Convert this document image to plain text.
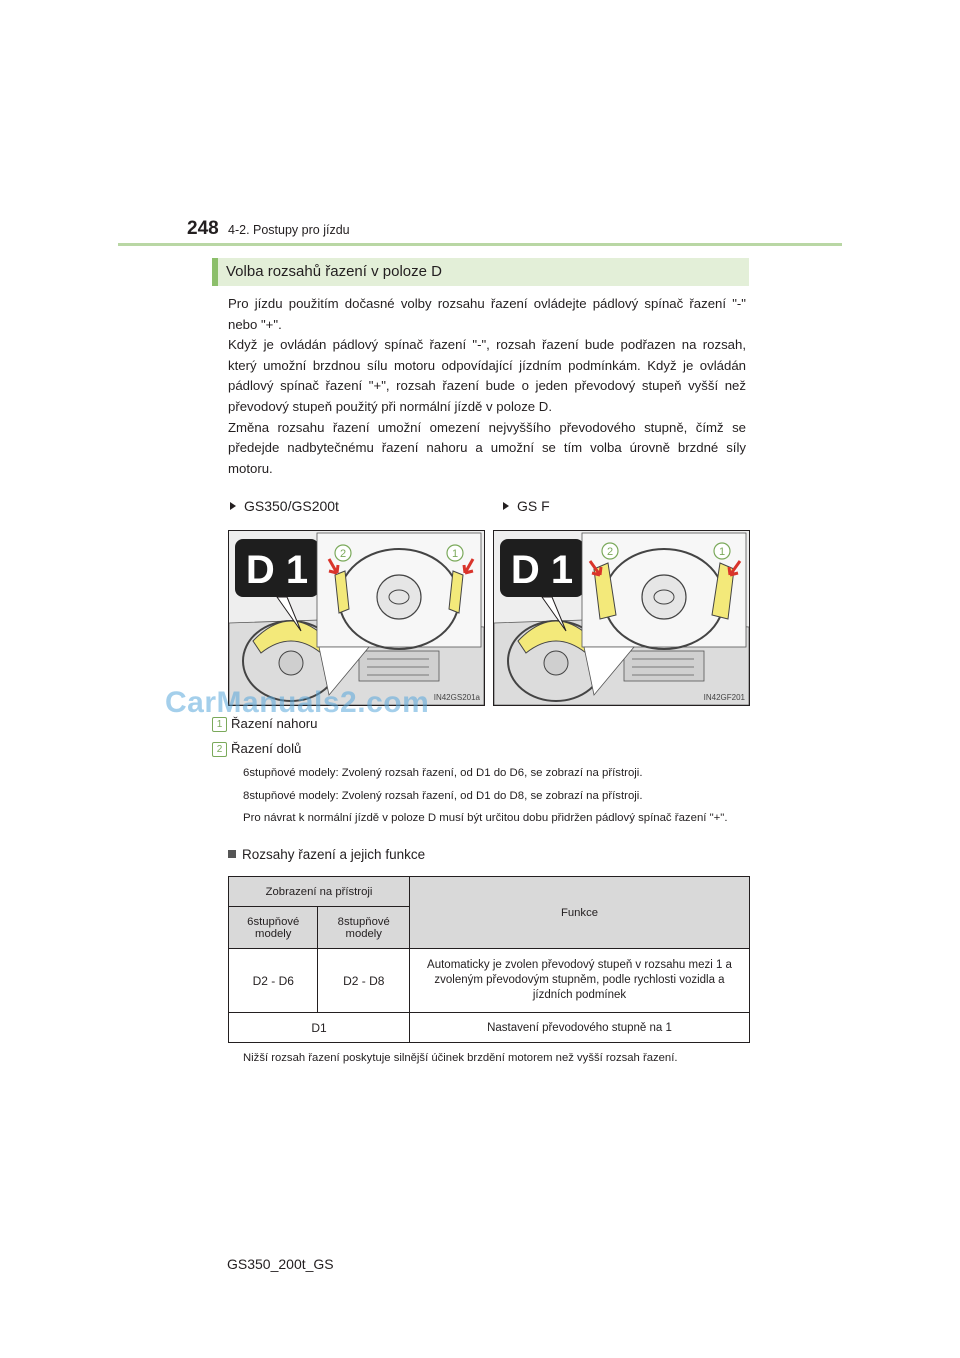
248 4-2. Postupy pro jízdu
Volba rozsahů řazení v poloze D

Pro jízdu použitím dočasné volby rozsahu řazení ovládejte pádlový spínač řazení "-" nebo "+".

Když je ovládán pádlový spínač řazení "-", rozsah řazení bude podřazen na rozsah, který umožní brzdnou sílu motoru odpovídající jízdním podmínkám. Když je ovládán pádlový spínač řazení "+", rozsah řazení bude o jeden převodový stupeň vyšší než převodový stupeň použitý při normální jízdě v poloze D.

Změna rozsahu řazení umožní omezení nejvyššího převodového stupně, čímž se předejde nadbytečnému řazení nahoru a umožní se tím volba úrovně brzdné síly motoru.

GS350/GS200t	GS F
D 1	2	1
IN42GS201a
D 1	2	1
IN42GF201
CarManuals2.com
1 Řazení nahoru
2 Řazení dolů
6stupňové modely: Zvolený rozsah řazení, od D1 do D6, se zobrazí na přístroji.
8stupňové modely: Zvolený rozsah řazení, od D1 do D8, se zobrazí na přístroji.
Pro návrat k normální jízdě v poloze D musí být určitou dobu přidržen pádlový spínač řazení "+".
Rozsahy řazení a jejich funkce
Zobrazení na přístroji		Funkce
6stupňové modely	8stupňové modely	
D2 - D6	D2 - D8	Automaticky je zvolen převodový stupeň v rozsahu mezi 1 a zvoleným převodovým stupněm, podle rychlosti vozidla a jízdních podmínek
D1		Nastavení převodového stupně na 1
Nižší rozsah řazení poskytuje silnější účinek brzdění motorem než vyšší rozsah řazení.
GS350_200t_GS
